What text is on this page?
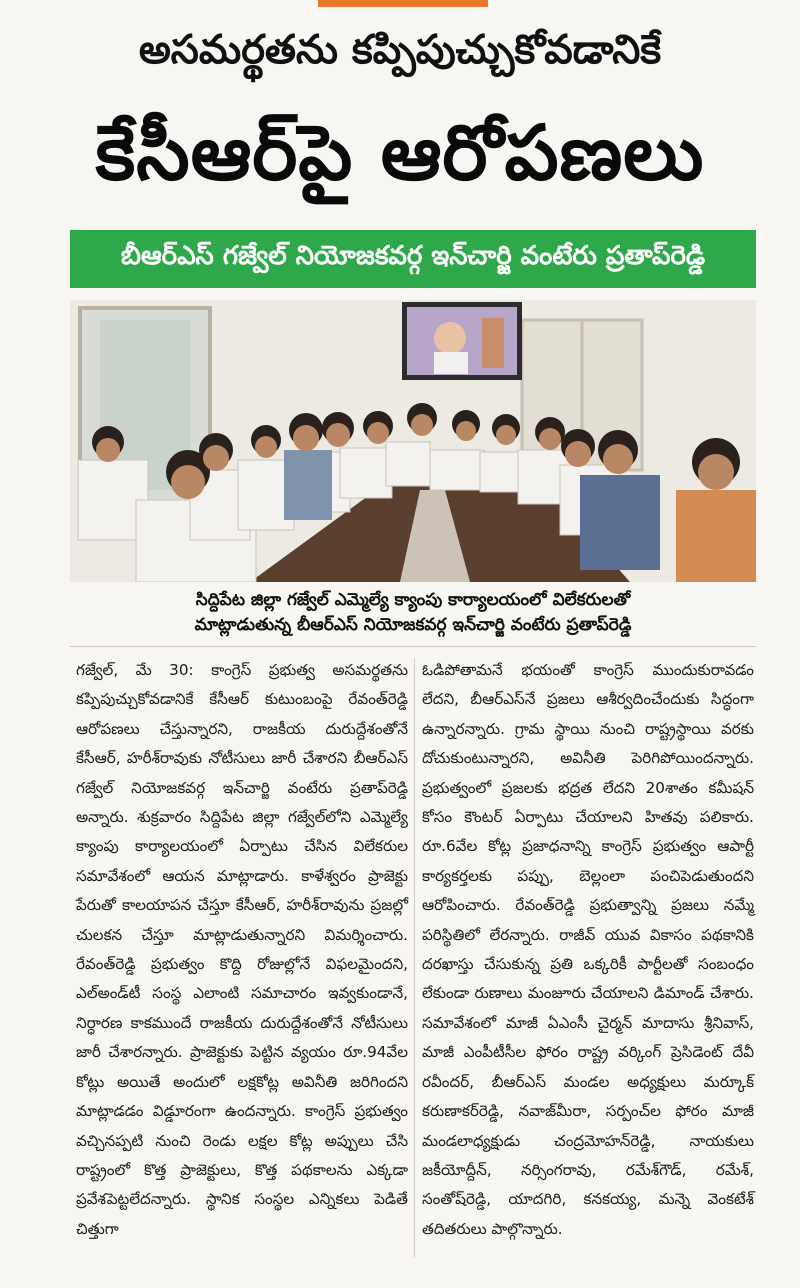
అసమర్థతను కప్పిపుచ్చుకోవడానికే
కేసీఆర్‌పై ఆరోపణలు
బీఆర్‌ఎస్ గజ్వేల్ నియోజకవర్గ ఇన్‌చార్జి వంటేరు ప్రతాప్‌రెడ్డి
సిద్దిపేట జిల్లా గజ్వేల్ ఎమ్మెల్యే క్యాంపు కార్యాలయంలో విలేకరులతో
మాట్లాడుతున్న బీఆర్‌ఎస్ నియోజకవర్గ ఇన్‌చార్జి వంటేరు ప్రతాప్‌రెడ్డి

గజ్వేల్, మే 30: కాంగ్రెస్ ప్రభుత్వ అసమర్థతను కప్పిపుచ్చుకోవడానికే కేసీఆర్ కుటుంబంపై రేవంత్‌రెడ్డి ఆరోపణలు చేస్తున్నారని, రాజకీయ దురుద్దేశంతోనే కేసీఆర్, హరీశ్‌రావుకు నోటీసులు జారీ చేశారని బీఆర్‌ఎస్ గజ్వేల్ నియోజకవర్గ ఇన్‌చార్జి వంటేరు ప్రతాప్‌రెడ్డి అన్నారు. శుక్రవారం సిద్దిపేట జిల్లా గజ్వేల్‌లోని ఎమ్మెల్యే క్యాంపు కార్యాలయంలో ఏర్పాటు చేసిన విలేకరుల సమావేశంలో ఆయన మాట్లాడారు. కాళేశ్వరం ప్రాజెక్టు పేరుతో కాలయాపన చేస్తూ కేసీఆర్, హరీశ్‌రావును ప్రజల్లో చులకన చేస్తూ మాట్లాడుతున్నారని విమర్శించారు. రేవంత్‌రెడ్డి ప్రభుత్వం కొద్ది రోజుల్లోనే విఫలమైందని, ఎల్‌అండ్‌టీ సంస్థ ఎలాంటి సమాచారం ఇవ్వకుండానే, నిర్ధారణ కాకముందే రాజకీయ దురుద్దేశంతోనే నోటీసులు జారీ చేశారన్నారు. ప్రాజెక్టుకు పెట్టిన వ్యయం రూ.94వేల కోట్లు అయితే అందులో లక్షకోట్ల అవినీతి జరిగిందని మాట్లాడడం విడ్డూరంగా ఉందన్నారు. కాంగ్రెస్ ప్రభుత్వం వచ్చినప్పటి నుంచి రెండు లక్షల కోట్ల అప్పులు చేసి రాష్ట్రంలో కొత్త ప్రాజెక్టులు, కొత్త పథకాలను ఎక్కడా ప్రవేశపెట్టలేదన్నారు. స్థానిక సంస్థల ఎన్నికలు పెడితే చిత్తుగా

ఓడిపోతామనే భయంతో కాంగ్రెస్ ముందుకురావడం లేదని, బీఆర్‌ఎస్‌నే ప్రజలు ఆశీర్వదించేందుకు సిద్ధంగా ఉన్నారన్నారు. గ్రామ స్థాయి నుంచి రాష్ట్రస్థాయి వరకు దోచుకుంటున్నారని, అవినీతి పెరిగిపోయిందన్నారు. ప్రభుత్వంలో ప్రజలకు భద్రత లేదని 20శాతం కమీషన్ కోసం కౌంటర్ ఏర్పాటు చేయాలని హితవు పలికారు. రూ.6వేల కోట్ల ప్రజాధనాన్ని కాంగ్రెస్ ప్రభుత్వం ఆపార్టీ కార్యకర్తలకు పప్పు, బెల్లంలా పంచిపెడుతుందని ఆరోపించారు. రేవంత్‌రెడ్డి ప్రభుత్వాన్ని ప్రజలు నమ్మే పరిస్థితిలో లేరన్నారు. రాజీవ్ యువ వికాసం పథకానికి దరఖాస్తు చేసుకున్న ప్రతి ఒక్కరికీ పార్టీలతో సంబంధం లేకుండా రుణాలు మంజూరు చేయాలని డిమాండ్ చేశారు. సమావేశంలో మాజీ ఏఎంసీ చైర్మన్ మాదాసు శ్రీనివాస్, మాజీ ఎంపీటీసీల ఫోరం రాష్ట్ర వర్కింగ్ ప్రెసిడెంట్ దేవీ రవీందర్, బీఆర్‌ఎస్ మండల అధ్యక్షులు మర్కూక్ కరుణాకర్‌రెడ్డి, నవాజ్‌మీరా, సర్పంచ్‌ల ఫోరం మాజీ మండలాధ్యక్షుడు చంద్రమోహన్‌రెడ్డి, నాయకులు జకీయోద్దీన్, నర్సింగరావు, రమేశ్‌గౌడ్, రమేశ్, సంతోష్‌రెడ్డి, యాదగిరి, కనకయ్య, మన్నె వెంకటేశ్ తదితరులు పాల్గొన్నారు.
